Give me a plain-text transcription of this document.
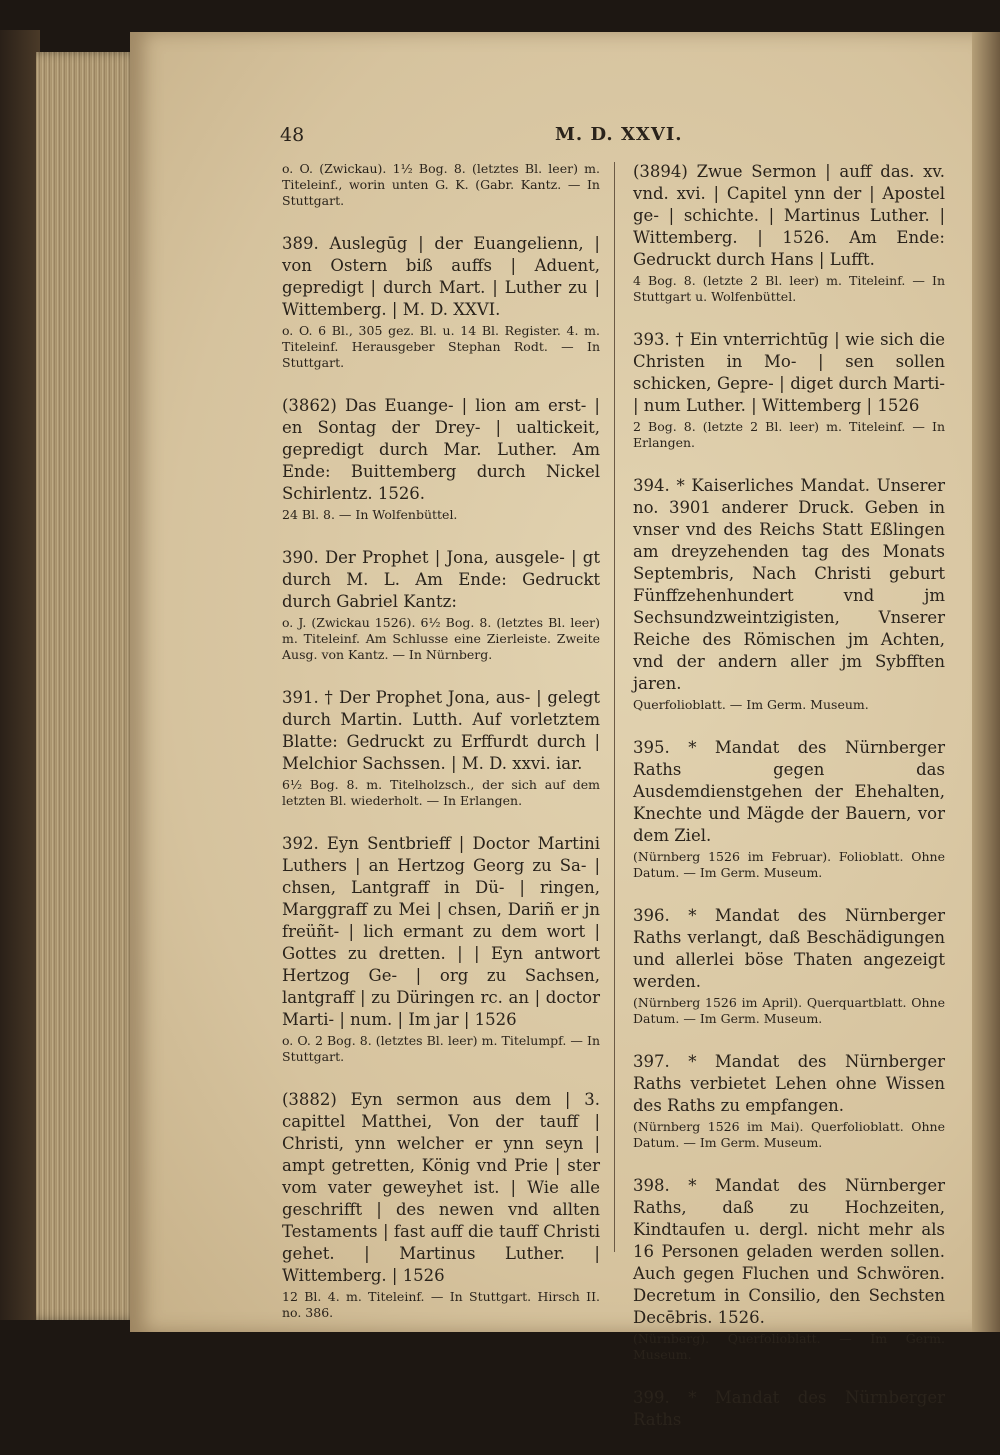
48	M. D. XXVI.
o. O. (Zwickau). 1½ Bog. 8. (letztes Bl. leer) m. Titeleinf., worin unten G. K. (Gabr. Kantz. — In Stuttgart.
389. Auslegūg | der Euangelienn, | von Ostern biß auffs | Aduent, gepredigt | durch Mart. | Luther zu | Wittemberg. | M. D. XXVI.
o. O. 6 Bl., 305 gez. Bl. u. 14 Bl. Register. 4. m. Titeleinf. Herausgeber Stephan Rodt. — In Stuttgart.
(3862) Das Euange- | lion am erst- | en Sontag der Drey- | ualtickeit, gepredigt durch Mar. Luther. Am Ende: Buittemberg durch Nickel Schirlentz. 1526.
24 Bl. 8. — In Wolfenbüttel.
390. Der Prophet | Jona, ausgele- | gt durch M. L. Am Ende: Gedruckt durch Gabriel Kantz:
o. J. (Zwickau 1526). 6½ Bog. 8. (letztes Bl. leer) m. Titeleinf. Am Schlusse eine Zierleiste. Zweite Ausg. von Kantz. — In Nürnberg.
391. † Der Prophet Jona, aus- | gelegt durch Martin. Lutth. Auf vorletztem Blatte: Gedruckt zu Erffurdt durch | Melchior Sachssen. | M. D. xxvi. iar.
6½ Bog. 8. m. Titelholzsch., der sich auf dem letzten Bl. wiederholt. — In Erlangen.
392. Eyn Sentbrieff | Doctor Martini Luthers | an Hertzog Georg zu Sa- | chsen, Lantgraff in Dü- | ringen, Marggraff zu Mei | chsen, Dariñ er jn freüñt- | lich ermant zu dem wort | Gottes zu dretten. | | Eyn antwort Hertzog Ge- | org zu Sachsen, lantgraff | zu Düringen rc. an | doctor Marti- | num. | Im jar | 1526
o. O. 2 Bog. 8. (letztes Bl. leer) m. Titelumpf. — In Stuttgart.
(3882) Eyn sermon aus dem | 3. capittel Matthei, Von der tauff | Christi, ynn welcher er ynn seyn | ampt getretten, König vnd Prie | ster vom vater geweyhet ist. | Wie alle geschrifft | des newen vnd allten Testaments | fast auff die tauff Christi gehet. | Martinus Luther. | Wittemberg. | 1526
12 Bl. 4. m. Titeleinf. — In Stuttgart. Hirsch II. no. 386.
(3894) Zwue Sermon | auff das. xv. vnd. xvi. | Capitel ynn der | Apostel ge- | schichte. | Martinus Luther. | Wittemberg. | 1526. Am Ende: Gedruckt durch Hans | Lufft.
4 Bog. 8. (letzte 2 Bl. leer) m. Titeleinf. — In Stuttgart u. Wolfenbüttel.
393. † Ein vnterrichtūg | wie sich die Christen in Mo- | sen sollen schicken, Gepre- | diget durch Marti- | num Luther. | Wittemberg | 1526
2 Bog. 8. (letzte 2 Bl. leer) m. Titeleinf. — In Erlangen.
394. * Kaiserliches Mandat. Unserer no. 3901 anderer Druck. Geben in vnser vnd des Reichs Statt Eßlingen am dreyzehenden tag des Monats Septembris, Nach Christi geburt Fünffzehenhundert vnd jm Sechsundzweintzigisten, Vnserer Reiche des Römischen jm Achten, vnd der andern aller jm Sybfften jaren.
Querfolioblatt. — Im Germ. Museum.
395. * Mandat des Nürnberger Raths gegen das Ausdemdienstgehen der Ehehalten, Knechte und Mägde der Bauern, vor dem Ziel.
(Nürnberg 1526 im Februar). Folioblatt. Ohne Datum. — Im Germ. Museum.
396. * Mandat des Nürnberger Raths verlangt, daß Beschädigungen und allerlei böse Thaten angezeigt werden.
(Nürnberg 1526 im April). Querquartblatt. Ohne Datum. — Im Germ. Museum.
397. * Mandat des Nürnberger Raths verbietet Lehen ohne Wissen des Raths zu empfangen.
(Nürnberg 1526 im Mai). Querfolioblatt. Ohne Datum. — Im Germ. Museum.
398. * Mandat des Nürnberger Raths, daß zu Hochzeiten, Kindtaufen u. dergl. nicht mehr als 16 Personen geladen werden sollen. Auch gegen Fluchen und Schwören. Decretum in Consilio, den Sechsten Decēbris. 1526.
(Nürnberg). Querfolioblatt. — Im Germ. Museum.
399. * Mandat des Nürnberger Raths
